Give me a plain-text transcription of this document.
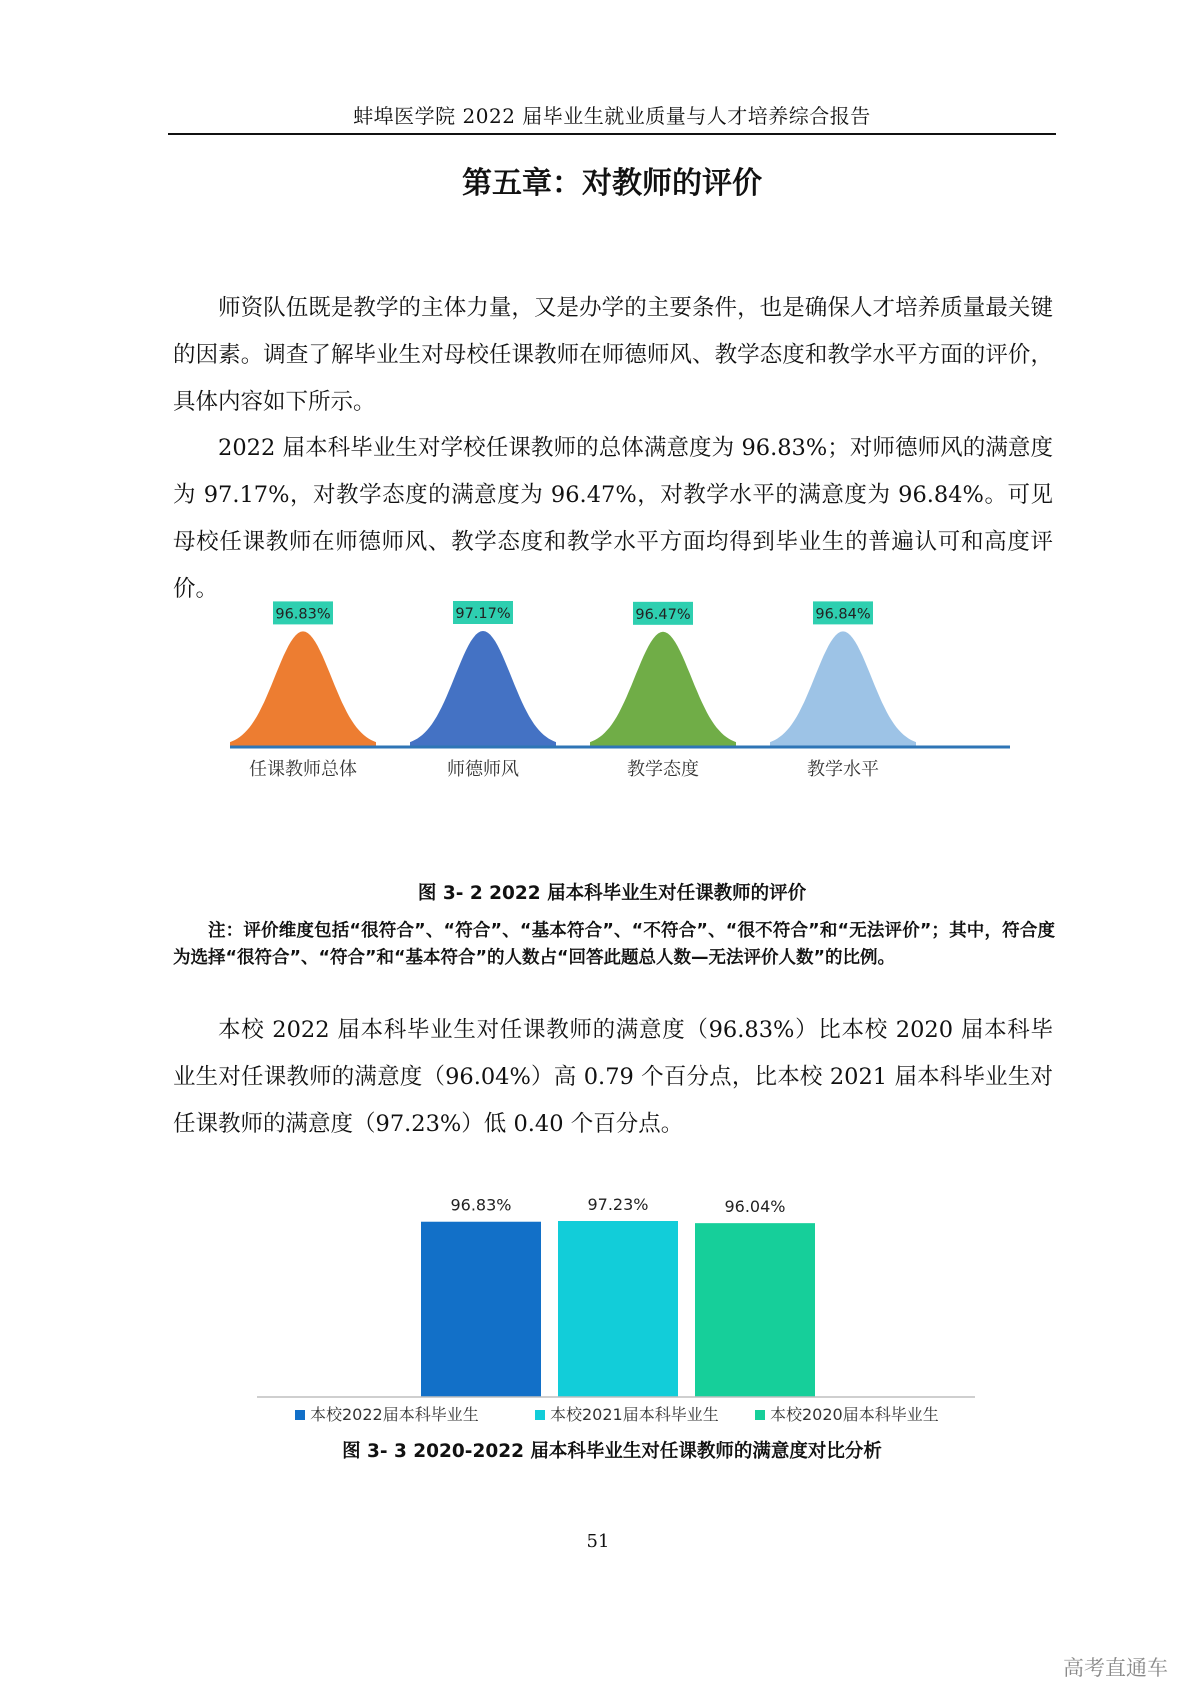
蚌埠医学院 2022 届毕业生就业质量与人才培养综合报告
第五章：对教师的评价

师资队伍既是教学的主体力量，又是办学的主要条件，也是确保人才培养质量最关键的因素。调查了解毕业生对母校任课教师在师德师风、教学态度和教学水平方面的评价，具体内容如下所示。

2022 届本科毕业生对学校任课教师的总体满意度为 96.83%；对师德师风的满意度为 97.17%，对教学态度的满意度为 96.47%，对教学水平的满意度为 96.84%。可见母校任课教师在师德师风、教学态度和教学水平方面均得到毕业生的普遍认可和高度评价。

96.83%
任课教师总体
97.17%
师德师风
96.47%
教学态度
96.84%
教学水平
图 3- 2 2022 届本科毕业生对任课教师的评价

注：评价维度包括“很符合”、“符合”、“基本符合”、“不符合”、“很不符合”和“无法评价”；其中，符合度为选择“很符合”、“符合”和“基本符合”的人数占“回答此题总人数—无法评价人数”的比例。

本校 2022 届本科毕业生对任课教师的满意度（96.83%）比本校 2020 届本科毕业生对任课教师的满意度（96.04%）高 0.79 个百分点，比本校 2021 届本科毕业生对任课教师的满意度（97.23%）低 0.40 个百分点。

96.83%	97.23%	96.04%
本校2022届本科毕业生	本校2021届本科毕业生	本校2020届本科毕业生
图 3- 3 2020-2022 届本科毕业生对任课教师的满意度对比分析
51
高考直通车
